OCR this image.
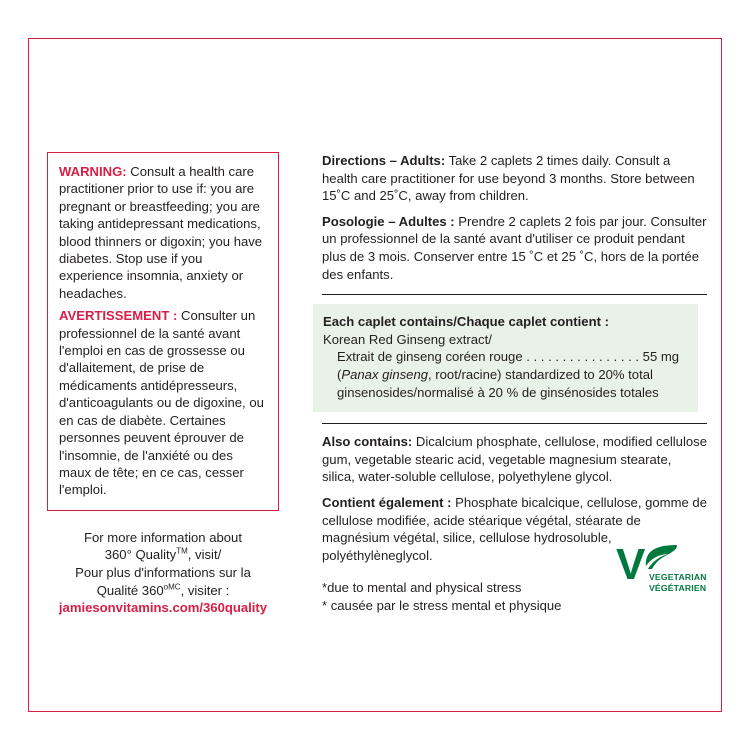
WARNING: Consult a health care practitioner prior to use if: you are pregnant or breastfeeding; you are taking antidepressant medications, blood thinners or digoxin; you have diabetes. Stop use if you experience insomnia, anxiety or headaches.

AVERTISSEMENT : Consulter un professionnel de la santé avant l'emploi en cas de grossesse ou d'allaitement, de prise de médicaments antidépresseurs, d'anticoagulants ou de digoxine, ou en cas de diabète. Certaines personnes peuvent éprouver de l'insomnie, de l'anxiété ou des maux de tête; en ce cas, cesser l'emploi.

For more information about
360° Quality™, visit/
Pour plus d'informations sur la
Qualité $360^{oMC}$, visiter :
jamiesonvitamins.com/360quality

Directions – Adults: Take 2 caplets 2 times daily. Consult a health care practitioner for use beyond 3 months. Store between 15˚C and 25˚C, away from children.

Posologie – Adultes : Prendre 2 caplets 2 fois par jour. Consulter un professionnel de la santé avant d'utiliser ce produit pendant plus de 3 mois. Conserver entre 15 ˚C et 25 ˚C, hors de la portée des enfants.

Each caplet contains/Chaque caplet contient :

Korean Red Ginseng extract/

Extrait de ginseng coréen rouge . . . . . . . . . . . . . . . . 55 mg

(Panax ginseng, root/racine) standardized to 20% total ginsenosides/normalisé à 20 % de ginsénosides totales

Also contains: Dicalcium phosphate, cellulose, modified cellulose gum, vegetable stearic acid, vegetable magnesium stearate, silica, water-soluble cellulose, polyethylene glycol.

Contient également : Phosphate bicalcique, cellulose, gomme de cellulose modifiée, acide stéarique végétal, stéarate de magnésium végétal, silice, cellulose hydrosoluble, polyéthylèneglycol.

*due to mental and physical stress

* causée par le stress mental et physique

V VEGETARIAN
VÉGÉTARIEN
